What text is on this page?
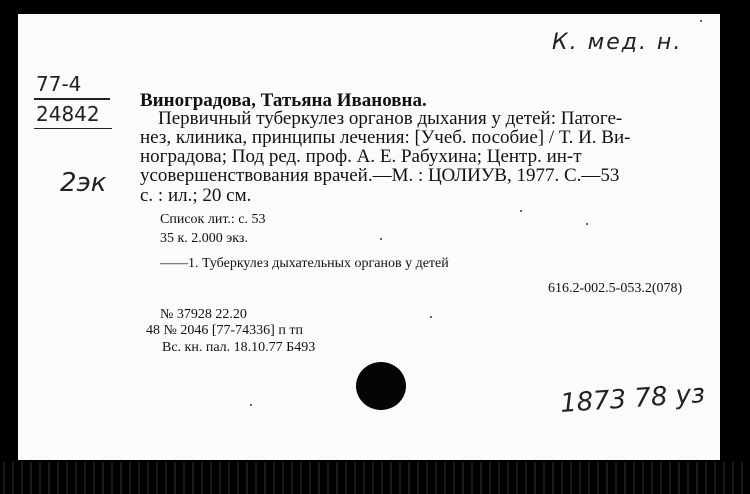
К. мед. н.
77-4
24842
2эк
1873 78 уз
Виноградова, Татьяна Ивановна.
Первичный туберкулез органов дыхания у детей: Патоге-
нез, клиника, принципы лечения: [Учеб. пособие] / Т. И. Ви-
ноградова; Под ред. проф. А. Е. Рабухина; Центр. ин-т
усовершенствования врачей.—М. : ЦОЛИУВ, 1977. С.—53
с. : ил.; 20 см.
Список лит.: с. 53
35 к. 2.000 экз.
——1. Туберкулез дыхательных органов у детей
616.2-002.5-053.2(078)
№ 37928 22.20
48 № 2046 [77-74336] п тп
Вс. кн. пал. 18.10.77 Б493
